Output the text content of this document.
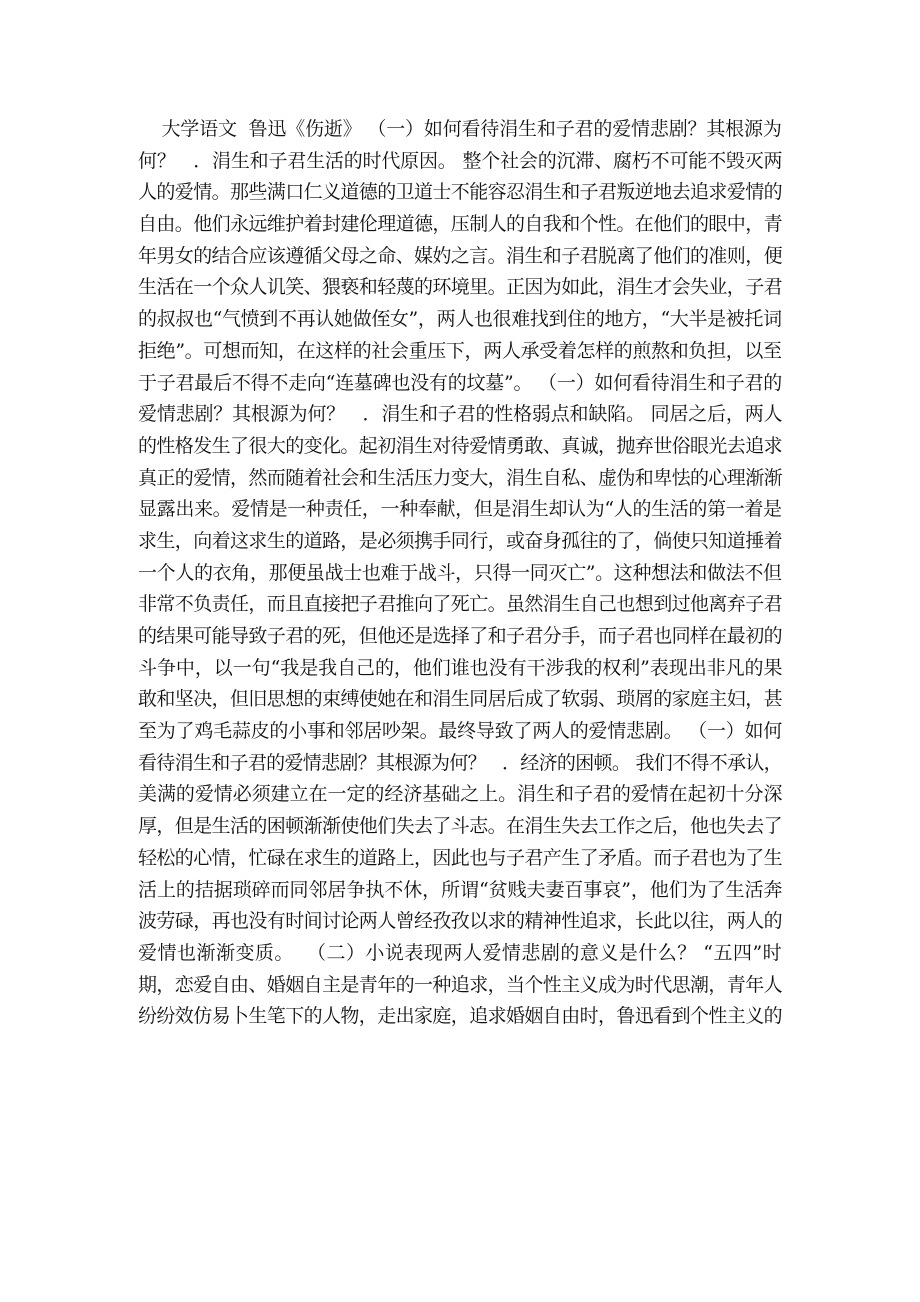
大学语文  鲁迅《伤逝》 （一）如何看待涓生和子君的爱情悲剧？其根源为
何？   ．涓生和子君生活的时代原因。 整个社会的沉滞、腐朽不可能不毁灭两
人的爱情。那些满口仁义道德的卫道士不能容忍涓生和子君叛逆地去追求爱情的
自由。他们永远维护着封建伦理道德，压制人的自我和个性。在他们的眼中，青
年男女的结合应该遵循父母之命、媒妁之言。涓生和子君脱离了他们的准则，便
生活在一个众人讥笑、猥亵和轻蔑的环境里。正因为如此，涓生才会失业，子君
的叔叔也“气愤到不再认她做侄女”，两人也很难找到住的地方，“大半是被托词
拒绝”。可想而知，在这样的社会重压下，两人承受着怎样的煎熬和负担，以至
于子君最后不得不走向“连墓碑也没有的坟墓”。 （一）如何看待涓生和子君的
爱情悲剧？其根源为何？   ．涓生和子君的性格弱点和缺陷。 同居之后，两人
的性格发生了很大的变化。起初涓生对待爱情勇敢、真诚，抛弃世俗眼光去追求
真正的爱情，然而随着社会和生活压力变大，涓生自私、虚伪和卑怯的心理渐渐
显露出来。爱情是一种责任，一种奉献，但是涓生却认为“人的生活的第一着是
求生，向着这求生的道路，是必须携手同行，或奋身孤往的了，倘使只知道捶着
一个人的衣角，那便虽战士也难于战斗，只得一同灭亡”。这种想法和做法不但
非常不负责任，而且直接把子君推向了死亡。虽然涓生自己也想到过他离弃子君
的结果可能导致子君的死，但他还是选择了和子君分手，而子君也同样在最初的
斗争中，以一句“我是我自己的，他们谁也没有干涉我的权利”表现出非凡的果
敢和坚决，但旧思想的束缚使她在和涓生同居后成了软弱、琐屑的家庭主妇，甚
至为了鸡毛蒜皮的小事和邻居吵架。最终导致了两人的爱情悲剧。 （一）如何
看待涓生和子君的爱情悲剧？其根源为何？   ．经济的困顿。 我们不得不承认，
美满的爱情必须建立在一定的经济基础之上。涓生和子君的爱情在起初十分深
厚，但是生活的困顿渐渐使他们失去了斗志。在涓生失去工作之后，他也失去了
轻松的心情，忙碌在求生的道路上，因此也与子君产生了矛盾。而子君也为了生
活上的拮据琐碎而同邻居争执不休，所谓“贫贱夫妻百事哀”，他们为了生活奔
波劳碌，再也没有时间讨论两人曾经孜孜以求的精神性追求，长此以往，两人的
爱情也渐渐变质。  （二）小说表现两人爱情悲剧的意义是什么？ “五四”时
期，恋爱自由、婚姻自主是青年的一种追求，当个性主义成为时代思潮，青年人
纷纷效仿易卜生笔下的人物，走出家庭，追求婚姻自由时，鲁迅看到个性主义的
